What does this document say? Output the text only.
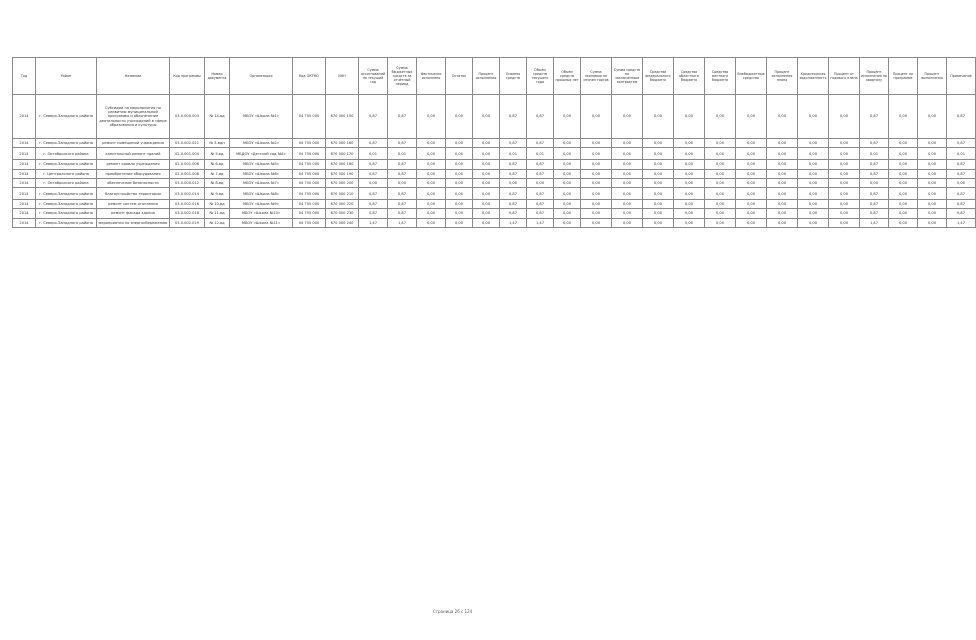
Год	Район	Название	Код программы	Номер документа	Организация	Код ОКТМО	ИНН	Сумма ассигнований на текущий год	Сумма бюджетных средств за отчётный период	Фактически исполнено	Остаток	Процент исполнения	Освоено средств	Объём средств текущего года	Объём средств прошлых лет	Сумма экономии по итогам торгов	Сумма средств по заключённым контрактам	Средства федерального бюджета	Средства областного бюджета	Средства местного бюджета	Внебюджетные средства	Процент исполнения плана	Кредиторская задолженность	Процент от годового плана	Процент исполнения по кварталу	Процент по программе	Процент выполнения	Примечание
2014	г. Северо-Западного района	Субсидии на мероприятия по развитию муниципальной программы и обеспечение деятельности учреждений в сфере образования и культуры	03.0.000.003	№ 14-вд	МБОУ «Школа №1»	04 755 000	670 000 150	0,87	0,87	0,00	0,00	0,00	0,87	0,87	0,00	0,00	0,00	0,00	0,00	0,00	0,00	0,00	0,00	0,00	0,87	0,00	0,00	0,87
2014	г. Северо-Западного района	ремонт помещений учреждения	03.0.002.021	№ 3-вдп	МБОУ «Школа №2»	04 755 000	670 000 160	0,87	0,87	0,00	0,00	0,00	0,87	0,87	0,00	0,00	0,00	0,00	0,00	0,00	0,00	0,00	0,00	0,00	0,87	0,00	0,00	0,87
2014	г. Октябрьского района	капитальный ремонт зданий	02.0.001.004	№ 5-вд	МБДОУ «Детский сад №4»	04 750 000	670 000 170	0,01	0,01	0,00	0,00	0,00	0,01	0,01	0,00	0,00	0,00	0,00	0,00	0,00	0,00	0,00	0,00	0,00	0,01	0,00	0,00	0,01
2014	г. Северо-Западного района	ремонт кровли учреждения	02.0.001.006	№ 6-вд	МБОУ «Школа №5»	04 755 000	670 000 180	0,87	0,87	0,00	0,00	0,00	0,87	0,87	0,00	0,00	0,00	0,00	0,00	0,00	0,00	0,00	0,00	0,00	0,87	0,00	0,00	0,87
2014	г. Центрального района	приобретение оборудования	02.0.001.008	№ 7-вд	МБОУ «Школа №6»	04 755 000	670 000 190	0,87	0,87	0,00	0,00	0,00	0,87	0,87	0,00	0,00	0,00	0,00	0,00	0,00	0,00	0,00	0,00	0,00	0,87	0,00	0,00	0,87
2014	г. Октябрьского района	обеспечение безопасности	03.0.000.012	№ 8-вд	МБОУ «Школа №7»	04 750 000	670 000 200	0,00	0,00	0,00	0,00	0,00	0,00	0,00	0,00	0,00	0,00	0,00	0,00	0,00	0,00	0,00	0,00	0,00	0,00	0,00	0,00	0,00
2014	г. Северо-Западного района	благоустройство территории	03.0.002.014	№ 9-вд	МБОУ «Школа №8»	04 755 000	670 000 210	0,87	0,87	0,00	0,00	0,00	0,87	0,87	0,00	0,00	0,00	0,00	0,00	0,00	0,00	0,00	0,00	0,00	0,87	0,00	0,00	0,87
2014	г. Северо-Западного района	ремонт систем отопления	03.0.002.016	№ 10-вд	МБОУ «Школа №9»	04 755 000	670 000 220	0,87	0,87	0,00	0,00	0,00	0,87	0,87	0,00	0,00	0,00	0,00	0,00	0,00	0,00	0,00	0,00	0,00	0,87	0,00	0,00	0,87
2014	г. Северо-Западного района	ремонт фасада здания	03.0.002.018	№ 11-вд	МБОУ «Школа №10»	04 755 000	670 000 230	0,87	0,87	0,00	0,00	0,00	0,87	0,87	0,00	0,00	0,00	0,00	0,00	0,00	0,00	0,00	0,00	0,00	0,87	0,00	0,00	0,87
2014	г. Северо-Западного района	мероприятия по энергосбережению	03.0.002.019	№ 12-вд	МБОУ «Школа №11»	04 755 000	670 000 240	1,47	1,47	0,00	0,00	0,00	1,47	1,47	0,00	0,00	0,00	0,00	0,00	0,00	0,00	0,00	0,00	0,00	1,47	0,00	0,00	1,47
Страница 26 с 124
